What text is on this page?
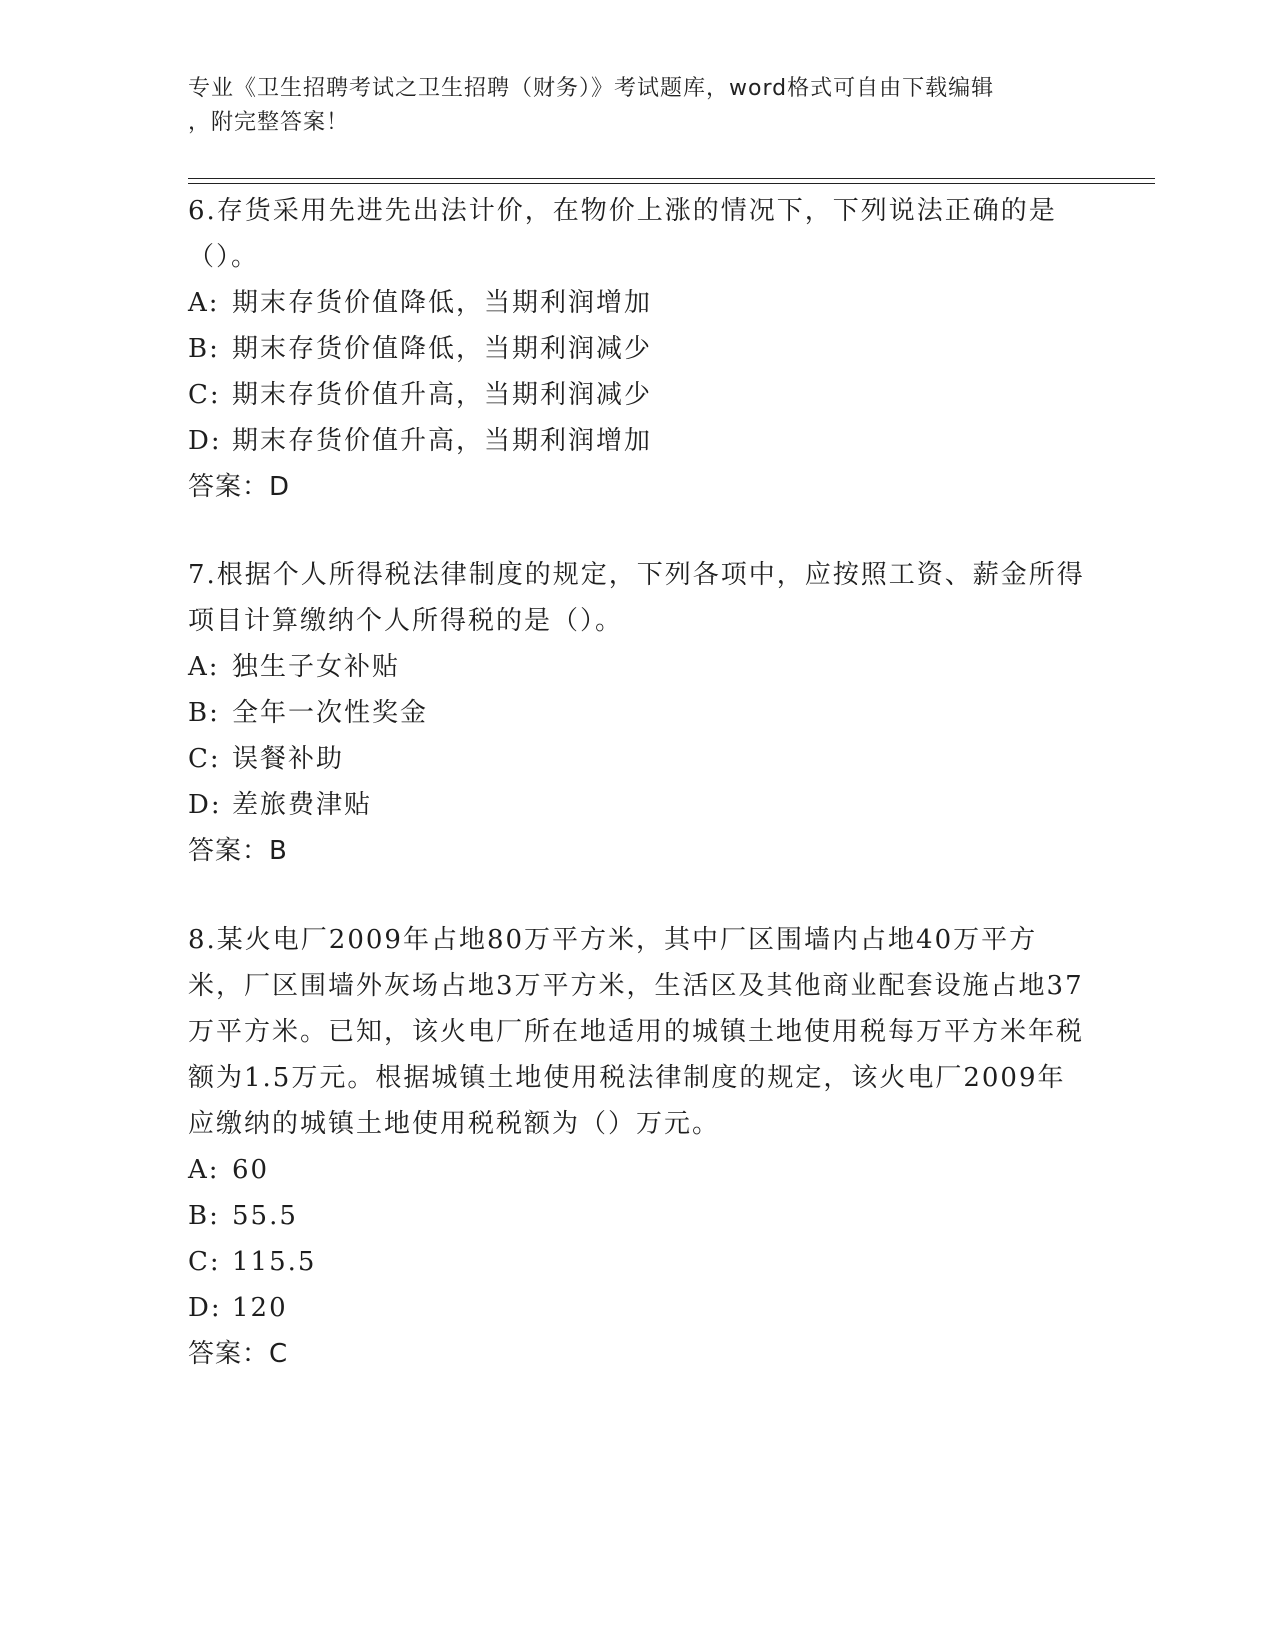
专业《卫生招聘考试之卫生招聘（财务）》考试题库，word格式可自由下载编辑
，附完整答案！

6.存货采用先进先出法计价，在物价上涨的情况下，下列说法正确的是（）。

A: 期末存货价值降低，当期利润增加
B: 期末存货价值降低，当期利润减少
C: 期末存货价值升高，当期利润减少
D: 期末存货价值升高，当期利润增加
答案：D

7.根据个人所得税法律制度的规定，下列各项中，应按照工资、薪金所得项目计算缴纳个人所得税的是（）。

A: 独生子女补贴
B: 全年一次性奖金
C: 误餐补助
D: 差旅费津贴
答案：B

8.某火电厂2009年占地80万平方米，其中厂区围墙内占地40万平方米，厂区围墙外灰场占地3万平方米，生活区及其他商业配套设施占地37万平方米。已知，该火电厂所在地适用的城镇土地使用税每万平方米年税额为1.5万元。根据城镇土地使用税法律制度的规定，该火电厂2009年应缴纳的城镇土地使用税税额为（）万元。

A: 60
B: 55.5
C: 115.5
D: 120
答案：C
